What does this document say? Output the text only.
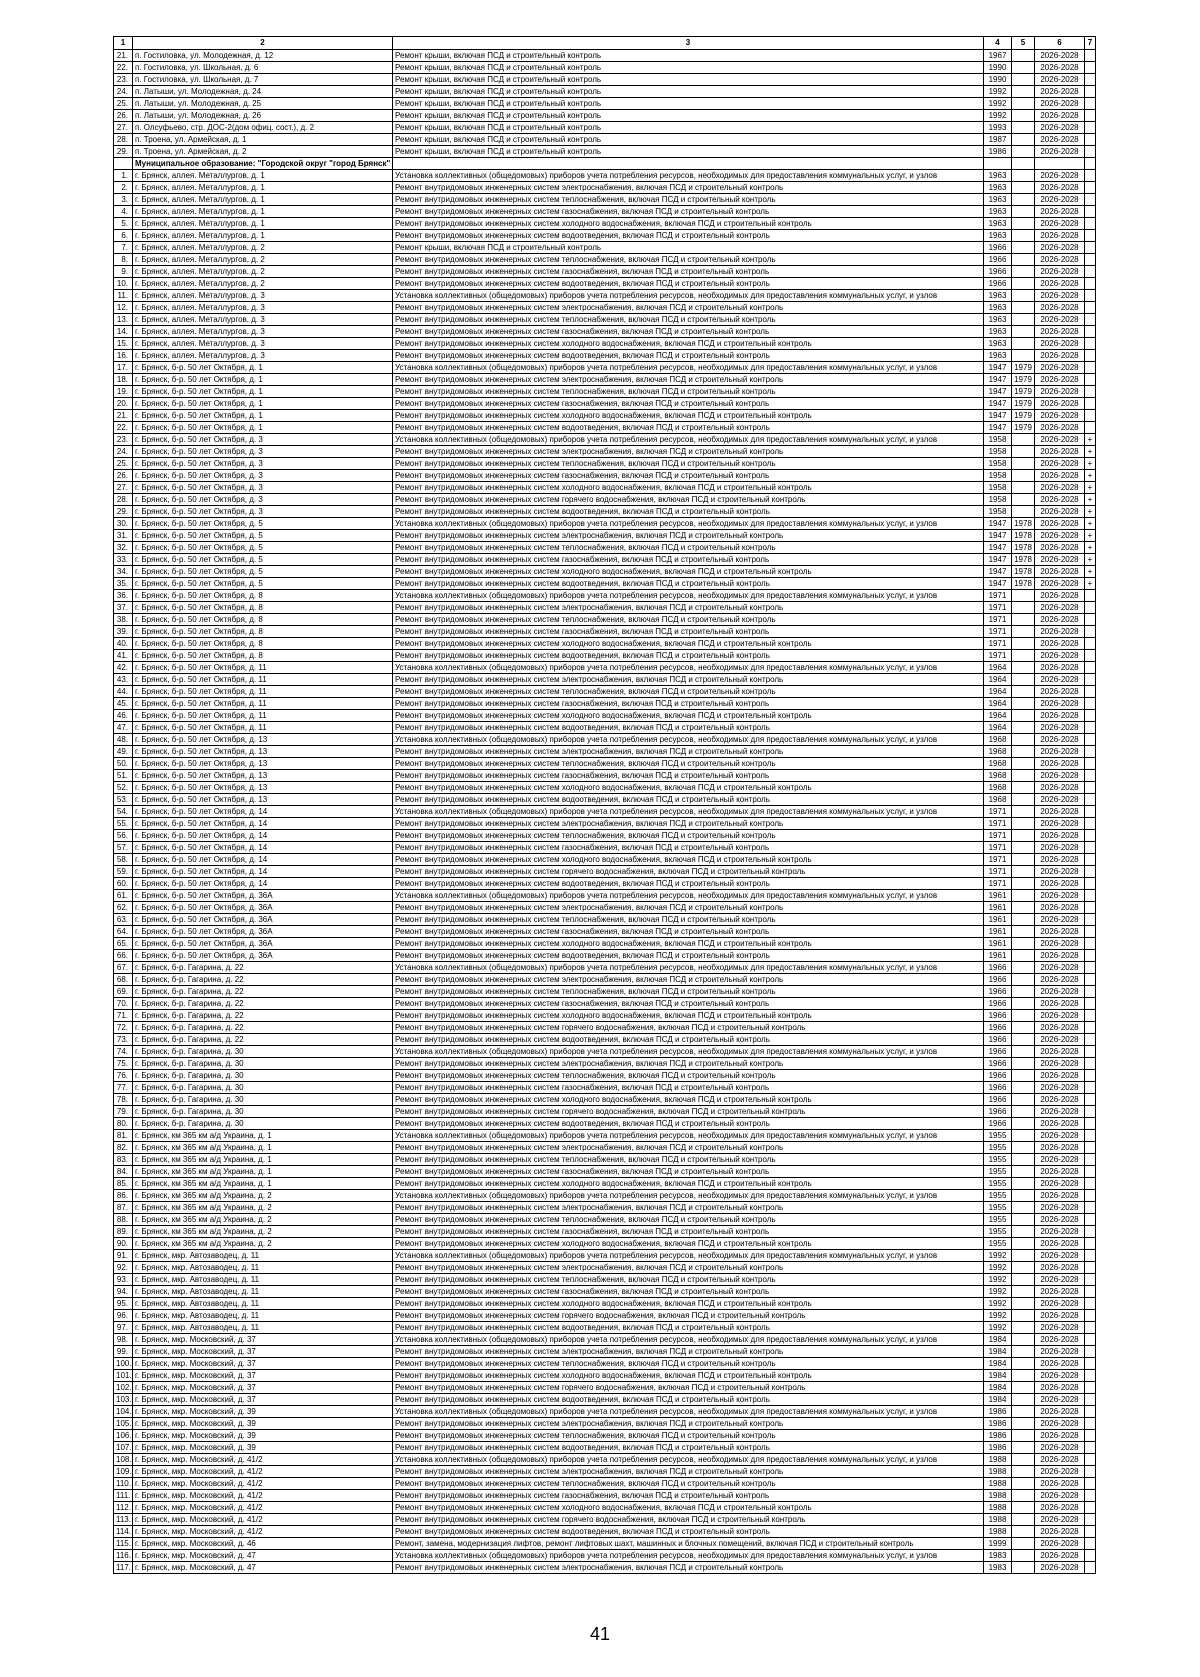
1	2	3	4	5	6	7
21.	п. Гостиловка, ул. Молодежная, д. 12	Ремонт крыши, включая ПСД и строительный контроль	1967		2026-2028	
22.	п. Гостиловка, ул. Школьная, д. 6	Ремонт крыши, включая ПСД и строительный контроль	1990		2026-2028	
23.	п. Гостиловка, ул. Школьная, д. 7	Ремонт крыши, включая ПСД и строительный контроль	1990		2026-2028	
24.	п. Латыши, ул. Молодежная, д. 24	Ремонт крыши, включая ПСД и строительный контроль	1992		2026-2028	
25.	п. Латыши, ул. Молодежная, д. 25	Ремонт крыши, включая ПСД и строительный контроль	1992		2026-2028	
26.	п. Латыши, ул. Молодежная, д. 26	Ремонт крыши, включая ПСД и строительный контроль	1992		2026-2028	
27.	п. Олсуфьево, стр. ДОС-2(дом офиц. сост.), д. 2	Ремонт крыши, включая ПСД и строительный контроль	1993		2026-2028	
28.	п. Троена, ул. Армейская, д. 1	Ремонт крыши, включая ПСД и строительный контроль	1987		2026-2028	
29.	п. Троена, ул. Армейская, д. 2	Ремонт крыши, включая ПСД и строительный контроль	1986		2026-2028	
	Муниципальное образование: "Городской округ "город Брянск"					
1.	г. Брянск, аллея. Металлургов, д. 1	Установка коллективных (общедомовых) приборов учета потребления ресурсов, необходимых для предоставления коммунальных услуг, и узлов	1963		2026-2028	
2.	г. Брянск, аллея. Металлургов, д. 1	Ремонт внутридомовых инженерных систем электроснабжения, включая ПСД и строительный контроль	1963		2026-2028	
3.	г. Брянск, аллея. Металлургов, д. 1	Ремонт внутридомовых инженерных систем теплоснабжения, включая ПСД и строительный контроль	1963		2026-2028	
4.	г. Брянск, аллея. Металлургов, д. 1	Ремонт внутридомовых инженерных систем газоснабжения, включая ПСД и строительный контроль	1963		2026-2028	
5.	г. Брянск, аллея. Металлургов, д. 1	Ремонт внутридомовых инженерных систем холодного водоснабжения, включая ПСД и строительный контроль	1963		2026-2028	
6.	г. Брянск, аллея. Металлургов, д. 1	Ремонт внутридомовых инженерных систем водоотведения, включая ПСД и строительный контроль	1963		2026-2028	
7.	г. Брянск, аллея. Металлургов, д. 2	Ремонт крыши, включая ПСД и строительный контроль	1966		2026-2028	
8.	г. Брянск, аллея. Металлургов, д. 2	Ремонт внутридомовых инженерных систем теплоснабжения, включая ПСД и строительный контроль	1966		2026-2028	
9.	г. Брянск, аллея. Металлургов, д. 2	Ремонт внутридомовых инженерных систем газоснабжения, включая ПСД и строительный контроль	1966		2026-2028	
10.	г. Брянск, аллея. Металлургов, д. 2	Ремонт внутридомовых инженерных систем водоотведения, включая ПСД и строительный контроль	1966		2026-2028	
11.	г. Брянск, аллея. Металлургов, д. 3	Установка коллективных (общедомовых) приборов учета потребления ресурсов, необходимых для предоставления коммунальных услуг, и узлов	1963		2026-2028	
12.	г. Брянск, аллея. Металлургов, д. 3	Ремонт внутридомовых инженерных систем электроснабжения, включая ПСД и строительный контроль	1963		2026-2028	
13.	г. Брянск, аллея. Металлургов, д. 3	Ремонт внутридомовых инженерных систем теплоснабжения, включая ПСД и строительный контроль	1963		2026-2028	
14.	г. Брянск, аллея. Металлургов, д. 3	Ремонт внутридомовых инженерных систем газоснабжения, включая ПСД и строительный контроль	1963		2026-2028	
15.	г. Брянск, аллея. Металлургов, д. 3	Ремонт внутридомовых инженерных систем холодного водоснабжения, включая ПСД и строительный контроль	1963		2026-2028	
16.	г. Брянск, аллея. Металлургов, д. 3	Ремонт внутридомовых инженерных систем водоотведения, включая ПСД и строительный контроль	1963		2026-2028	
17.	г. Брянск, б-р. 50 лет Октября, д. 1	Установка коллективных (общедомовых) приборов учета потребления ресурсов, необходимых для предоставления коммунальных услуг, и узлов	1947	1979	2026-2028	
18.	г. Брянск, б-р. 50 лет Октября, д. 1	Ремонт внутридомовых инженерных систем электроснабжения, включая ПСД и строительный контроль	1947	1979	2026-2028	
19.	г. Брянск, б-р. 50 лет Октября, д. 1	Ремонт внутридомовых инженерных систем теплоснабжения, включая ПСД и строительный контроль	1947	1979	2026-2028	
20.	г. Брянск, б-р. 50 лет Октября, д. 1	Ремонт внутридомовых инженерных систем газоснабжения, включая ПСД и строительный контроль	1947	1979	2026-2028	
21.	г. Брянск, б-р. 50 лет Октября, д. 1	Ремонт внутридомовых инженерных систем холодного водоснабжения, включая ПСД и строительный контроль	1947	1979	2026-2028	
22.	г. Брянск, б-р. 50 лет Октября, д. 1	Ремонт внутридомовых инженерных систем водоотведения, включая ПСД и строительный контроль	1947	1979	2026-2028	
23.	г. Брянск, б-р. 50 лет Октября, д. 3	Установка коллективных (общедомовых) приборов учета потребления ресурсов, необходимых для предоставления коммунальных услуг, и узлов	1958		2026-2028	+
24.	г. Брянск, б-р. 50 лет Октября, д. 3	Ремонт внутридомовых инженерных систем электроснабжения, включая ПСД и строительный контроль	1958		2026-2028	+
25.	г. Брянск, б-р. 50 лет Октября, д. 3	Ремонт внутридомовых инженерных систем теплоснабжения, включая ПСД и строительный контроль	1958		2026-2028	+
26.	г. Брянск, б-р. 50 лет Октября, д. 3	Ремонт внутридомовых инженерных систем газоснабжения, включая ПСД и строительный контроль	1958		2026-2028	+
27.	г. Брянск, б-р. 50 лет Октября, д. 3	Ремонт внутридомовых инженерных систем холодного водоснабжения, включая ПСД и строительный контроль	1958		2026-2028	+
28.	г. Брянск, б-р. 50 лет Октября, д. 3	Ремонт внутридомовых инженерных систем горячего водоснабжения, включая ПСД и строительный контроль	1958		2026-2028	+
29.	г. Брянск, б-р. 50 лет Октября, д. 3	Ремонт внутридомовых инженерных систем водоотведения, включая ПСД и строительный контроль	1958		2026-2028	+
30.	г. Брянск, б-р. 50 лет Октября, д. 5	Установка коллективных (общедомовых) приборов учета потребления ресурсов, необходимых для предоставления коммунальных услуг, и узлов	1947	1978	2026-2028	+
31.	г. Брянск, б-р. 50 лет Октября, д. 5	Ремонт внутридомовых инженерных систем электроснабжения, включая ПСД и строительный контроль	1947	1978	2026-2028	+
32.	г. Брянск, б-р. 50 лет Октября, д. 5	Ремонт внутридомовых инженерных систем теплоснабжения, включая ПСД и строительный контроль	1947	1978	2026-2028	+
33.	г. Брянск, б-р. 50 лет Октября, д. 5	Ремонт внутридомовых инженерных систем газоснабжения, включая ПСД и строительный контроль	1947	1978	2026-2028	+
34.	г. Брянск, б-р. 50 лет Октября, д. 5	Ремонт внутридомовых инженерных систем холодного водоснабжения, включая ПСД и строительный контроль	1947	1978	2026-2028	+
35.	г. Брянск, б-р. 50 лет Октября, д. 5	Ремонт внутридомовых инженерных систем водоотведения, включая ПСД и строительный контроль	1947	1978	2026-2028	+
36.	г. Брянск, б-р. 50 лет Октября, д. 8	Установка коллективных (общедомовых) приборов учета потребления ресурсов, необходимых для предоставления коммунальных услуг, и узлов	1971		2026-2028	
37.	г. Брянск, б-р. 50 лет Октября, д. 8	Ремонт внутридомовых инженерных систем электроснабжения, включая ПСД и строительный контроль	1971		2026-2028	
38.	г. Брянск, б-р. 50 лет Октября, д. 8	Ремонт внутридомовых инженерных систем теплоснабжения, включая ПСД и строительный контроль	1971		2026-2028	
39.	г. Брянск, б-р. 50 лет Октября, д. 8	Ремонт внутридомовых инженерных систем газоснабжения, включая ПСД и строительный контроль	1971		2026-2028	
40.	г. Брянск, б-р. 50 лет Октября, д. 8	Ремонт внутридомовых инженерных систем холодного водоснабжения, включая ПСД и строительный контроль	1971		2026-2028	
41.	г. Брянск, б-р. 50 лет Октября, д. 8	Ремонт внутридомовых инженерных систем водоотведения, включая ПСД и строительный контроль	1971		2026-2028	
42.	г. Брянск, б-р. 50 лет Октября, д. 11	Установка коллективных (общедомовых) приборов учета потребления ресурсов, необходимых для предоставления коммунальных услуг, и узлов	1964		2026-2028	
43.	г. Брянск, б-р. 50 лет Октября, д. 11	Ремонт внутридомовых инженерных систем электроснабжения, включая ПСД и строительный контроль	1964		2026-2028	
44.	г. Брянск, б-р. 50 лет Октября, д. 11	Ремонт внутридомовых инженерных систем теплоснабжения, включая ПСД и строительный контроль	1964		2026-2028	
45.	г. Брянск, б-р. 50 лет Октября, д. 11	Ремонт внутридомовых инженерных систем газоснабжения, включая ПСД и строительный контроль	1964		2026-2028	
46.	г. Брянск, б-р. 50 лет Октября, д. 11	Ремонт внутридомовых инженерных систем холодного водоснабжения, включая ПСД и строительный контроль	1964		2026-2028	
47.	г. Брянск, б-р. 50 лет Октября, д. 11	Ремонт внутридомовых инженерных систем водоотведения, включая ПСД и строительный контроль	1964		2026-2028	
48.	г. Брянск, б-р. 50 лет Октября, д. 13	Установка коллективных (общедомовых) приборов учета потребления ресурсов, необходимых для предоставления коммунальных услуг, и узлов	1968		2026-2028	
49.	г. Брянск, б-р. 50 лет Октября, д. 13	Ремонт внутридомовых инженерных систем электроснабжения, включая ПСД и строительный контроль	1968		2026-2028	
50.	г. Брянск, б-р. 50 лет Октября, д. 13	Ремонт внутридомовых инженерных систем теплоснабжения, включая ПСД и строительный контроль	1968		2026-2028	
51.	г. Брянск, б-р. 50 лет Октября, д. 13	Ремонт внутридомовых инженерных систем газоснабжения, включая ПСД и строительный контроль	1968		2026-2028	
52.	г. Брянск, б-р. 50 лет Октября, д. 13	Ремонт внутридомовых инженерных систем холодного водоснабжения, включая ПСД и строительный контроль	1968		2026-2028	
53.	г. Брянск, б-р. 50 лет Октября, д. 13	Ремонт внутридомовых инженерных систем водоотведения, включая ПСД и строительный контроль	1968		2026-2028	
54.	г. Брянск, б-р. 50 лет Октября, д. 14	Установка коллективных (общедомовых) приборов учета потребления ресурсов, необходимых для предоставления коммунальных услуг, и узлов	1971		2026-2028	
55.	г. Брянск, б-р. 50 лет Октября, д. 14	Ремонт внутридомовых инженерных систем электроснабжения, включая ПСД и строительный контроль	1971		2026-2028	
56.	г. Брянск, б-р. 50 лет Октября, д. 14	Ремонт внутридомовых инженерных систем теплоснабжения, включая ПСД и строительный контроль	1971		2026-2028	
57.	г. Брянск, б-р. 50 лет Октября, д. 14	Ремонт внутридомовых инженерных систем газоснабжения, включая ПСД и строительный контроль	1971		2026-2028	
58.	г. Брянск, б-р. 50 лет Октября, д. 14	Ремонт внутридомовых инженерных систем холодного водоснабжения, включая ПСД и строительный контроль	1971		2026-2028	
59.	г. Брянск, б-р. 50 лет Октября, д. 14	Ремонт внутридомовых инженерных систем горячего водоснабжения, включая ПСД и строительный контроль	1971		2026-2028	
60.	г. Брянск, б-р. 50 лет Октября, д. 14	Ремонт внутридомовых инженерных систем водоотведения, включая ПСД и строительный контроль	1971		2026-2028	
61.	г. Брянск, б-р. 50 лет Октября, д. 36А	Установка коллективных (общедомовых) приборов учета потребления ресурсов, необходимых для предоставления коммунальных услуг, и узлов	1961		2026-2028	
62.	г. Брянск, б-р. 50 лет Октября, д. 36А	Ремонт внутридомовых инженерных систем электроснабжения, включая ПСД и строительный контроль	1961		2026-2028	
63.	г. Брянск, б-р. 50 лет Октября, д. 36А	Ремонт внутридомовых инженерных систем теплоснабжения, включая ПСД и строительный контроль	1961		2026-2028	
64.	г. Брянск, б-р. 50 лет Октября, д. 36А	Ремонт внутридомовых инженерных систем газоснабжения, включая ПСД и строительный контроль	1961		2026-2028	
65.	г. Брянск, б-р. 50 лет Октября, д. 36А	Ремонт внутридомовых инженерных систем холодного водоснабжения, включая ПСД и строительный контроль	1961		2026-2028	
66.	г. Брянск, б-р. 50 лет Октября, д. 36А	Ремонт внутридомовых инженерных систем водоотведения, включая ПСД и строительный контроль	1961		2026-2028	
67.	г. Брянск, б-р. Гагарина, д. 22	Установка коллективных (общедомовых) приборов учета потребления ресурсов, необходимых для предоставления коммунальных услуг, и узлов	1966		2026-2028	
68.	г. Брянск, б-р. Гагарина, д. 22	Ремонт внутридомовых инженерных систем электроснабжения, включая ПСД и строительный контроль	1966		2026-2028	
69.	г. Брянск, б-р. Гагарина, д. 22	Ремонт внутридомовых инженерных систем теплоснабжения, включая ПСД и строительный контроль	1966		2026-2028	
70.	г. Брянск, б-р. Гагарина, д. 22	Ремонт внутридомовых инженерных систем газоснабжения, включая ПСД и строительный контроль	1966		2026-2028	
71.	г. Брянск, б-р. Гагарина, д. 22	Ремонт внутридомовых инженерных систем холодного водоснабжения, включая ПСД и строительный контроль	1966		2026-2028	
72.	г. Брянск, б-р. Гагарина, д. 22	Ремонт внутридомовых инженерных систем горячего водоснабжения, включая ПСД и строительный контроль	1966		2026-2028	
73.	г. Брянск, б-р. Гагарина, д. 22	Ремонт внутридомовых инженерных систем водоотведения, включая ПСД и строительный контроль	1966		2026-2028	
74.	г. Брянск, б-р. Гагарина, д. 30	Установка коллективных (общедомовых) приборов учета потребления ресурсов, необходимых для предоставления коммунальных услуг, и узлов	1966		2026-2028	
75.	г. Брянск, б-р. Гагарина, д. 30	Ремонт внутридомовых инженерных систем электроснабжения, включая ПСД и строительный контроль	1966		2026-2028	
76.	г. Брянск, б-р. Гагарина, д. 30	Ремонт внутридомовых инженерных систем теплоснабжения, включая ПСД и строительный контроль	1966		2026-2028	
77.	г. Брянск, б-р. Гагарина, д. 30	Ремонт внутридомовых инженерных систем газоснабжения, включая ПСД и строительный контроль	1966		2026-2028	
78.	г. Брянск, б-р. Гагарина, д. 30	Ремонт внутридомовых инженерных систем холодного водоснабжения, включая ПСД и строительный контроль	1966		2026-2028	
79.	г. Брянск, б-р. Гагарина, д. 30	Ремонт внутридомовых инженерных систем горячего водоснабжения, включая ПСД и строительный контроль	1966		2026-2028	
80.	г. Брянск, б-р. Гагарина, д. 30	Ремонт внутридомовых инженерных систем водоотведения, включая ПСД и строительный контроль	1966		2026-2028	
81.	г. Брянск, км 365 км а/д Украина, д. 1	Установка коллективных (общедомовых) приборов учета потребления ресурсов, необходимых для предоставления коммунальных услуг, и узлов	1955		2026-2028	
82.	г. Брянск, км 365 км а/д Украина, д. 1	Ремонт внутридомовых инженерных систем электроснабжения, включая ПСД и строительный контроль	1955		2026-2028	
83.	г. Брянск, км 365 км а/д Украина, д. 1	Ремонт внутридомовых инженерных систем теплоснабжения, включая ПСД и строительный контроль	1955		2026-2028	
84.	г. Брянск, км 365 км а/д Украина, д. 1	Ремонт внутридомовых инженерных систем газоснабжения, включая ПСД и строительный контроль	1955		2026-2028	
85.	г. Брянск, км 365 км а/д Украина, д. 1	Ремонт внутридомовых инженерных систем холодного водоснабжения, включая ПСД и строительный контроль	1955		2026-2028	
86.	г. Брянск, км 365 км а/д Украина, д. 2	Установка коллективных (общедомовых) приборов учета потребления ресурсов, необходимых для предоставления коммунальных услуг, и узлов	1955		2026-2028	
87.	г. Брянск, км 365 км а/д Украина, д. 2	Ремонт внутридомовых инженерных систем электроснабжения, включая ПСД и строительный контроль	1955		2026-2028	
88.	г. Брянск, км 365 км а/д Украина, д. 2	Ремонт внутридомовых инженерных систем теплоснабжения, включая ПСД и строительный контроль	1955		2026-2028	
89.	г. Брянск, км 365 км а/д Украина, д. 2	Ремонт внутридомовых инженерных систем газоснабжения, включая ПСД и строительный контроль	1955		2026-2028	
90.	г. Брянск, км 365 км а/д Украина, д. 2	Ремонт внутридомовых инженерных систем холодного водоснабжения, включая ПСД и строительный контроль	1955		2026-2028	
91.	г. Брянск, мкр. Автозаводец, д. 11	Установка коллективных (общедомовых) приборов учета потребления ресурсов, необходимых для предоставления коммунальных услуг, и узлов	1992		2026-2028	
92.	г. Брянск, мкр. Автозаводец, д. 11	Ремонт внутридомовых инженерных систем электроснабжения, включая ПСД и строительный контроль	1992		2026-2028	
93.	г. Брянск, мкр. Автозаводец, д. 11	Ремонт внутридомовых инженерных систем теплоснабжения, включая ПСД и строительный контроль	1992		2026-2028	
94.	г. Брянск, мкр. Автозаводец, д. 11	Ремонт внутридомовых инженерных систем газоснабжения, включая ПСД и строительный контроль	1992		2026-2028	
95.	г. Брянск, мкр. Автозаводец, д. 11	Ремонт внутридомовых инженерных систем холодного водоснабжения, включая ПСД и строительный контроль	1992		2026-2028	
96.	г. Брянск, мкр. Автозаводец, д. 11	Ремонт внутридомовых инженерных систем горячего водоснабжения, включая ПСД и строительный контроль	1992		2026-2028	
97.	г. Брянск, мкр. Автозаводец, д. 11	Ремонт внутридомовых инженерных систем водоотведения, включая ПСД и строительный контроль	1992		2026-2028	
98.	г. Брянск, мкр. Московский, д. 37	Установка коллективных (общедомовых) приборов учета потребления ресурсов, необходимых для предоставления коммунальных услуг, и узлов	1984		2026-2028	
99.	г. Брянск, мкр. Московский, д. 37	Ремонт внутридомовых инженерных систем электроснабжения, включая ПСД и строительный контроль	1984		2026-2028	
100.	г. Брянск, мкр. Московский, д. 37	Ремонт внутридомовых инженерных систем теплоснабжения, включая ПСД и строительный контроль	1984		2026-2028	
101.	г. Брянск, мкр. Московский, д. 37	Ремонт внутридомовых инженерных систем холодного водоснабжения, включая ПСД и строительный контроль	1984		2026-2028	
102.	г. Брянск, мкр. Московский, д. 37	Ремонт внутридомовых инженерных систем горячего водоснабжения, включая ПСД и строительный контроль	1984		2026-2028	
103.	г. Брянск, мкр. Московский, д. 37	Ремонт внутридомовых инженерных систем водоотведения, включая ПСД и строительный контроль	1984		2026-2028	
104.	г. Брянск, мкр. Московский, д. 39	Установка коллективных (общедомовых) приборов учета потребления ресурсов, необходимых для предоставления коммунальных услуг, и узлов	1986		2026-2028	
105.	г. Брянск, мкр. Московский, д. 39	Ремонт внутридомовых инженерных систем электроснабжения, включая ПСД и строительный контроль	1986		2026-2028	
106.	г. Брянск, мкр. Московский, д. 39	Ремонт внутридомовых инженерных систем теплоснабжения, включая ПСД и строительный контроль	1986		2026-2028	
107.	г. Брянск, мкр. Московский, д. 39	Ремонт внутридомовых инженерных систем водоотведения, включая ПСД и строительный контроль	1986		2026-2028	
108.	г. Брянск, мкр. Московский, д. 41/2	Установка коллективных (общедомовых) приборов учета потребления ресурсов, необходимых для предоставления коммунальных услуг, и узлов	1988		2026-2028	
109.	г. Брянск, мкр. Московский, д. 41/2	Ремонт внутридомовых инженерных систем электроснабжения, включая ПСД и строительный контроль	1988		2026-2028	
110.	г. Брянск, мкр. Московский, д. 41/2	Ремонт внутридомовых инженерных систем теплоснабжения, включая ПСД и строительный контроль	1988		2026-2028	
111.	г. Брянск, мкр. Московский, д. 41/2	Ремонт внутридомовых инженерных систем газоснабжения, включая ПСД и строительный контроль	1988		2026-2028	
112.	г. Брянск, мкр. Московский, д. 41/2	Ремонт внутридомовых инженерных систем холодного водоснабжения, включая ПСД и строительный контроль	1988		2026-2028	
113.	г. Брянск, мкр. Московский, д. 41/2	Ремонт внутридомовых инженерных систем горячего водоснабжения, включая ПСД и строительный контроль	1988		2026-2028	
114.	г. Брянск, мкр. Московский, д. 41/2	Ремонт внутридомовых инженерных систем водоотведения, включая ПСД и строительный контроль	1988		2026-2028	
115.	г. Брянск, мкр. Московский, д. 46	Ремонт, замена, модернизация лифтов, ремонт лифтовых шахт, машинных и блочных помещений, включая ПСД и строительный контроль	1999		2026-2028	
116.	г. Брянск, мкр. Московский, д. 47	Установка коллективных (общедомовых) приборов учета потребления ресурсов, необходимых для предоставления коммунальных услуг, и узлов	1983		2026-2028	
117.	г. Брянск, мкр. Московский, д. 47	Ремонт внутридомовых инженерных систем электроснабжения, включая ПСД и строительный контроль	1983		2026-2028	
41
